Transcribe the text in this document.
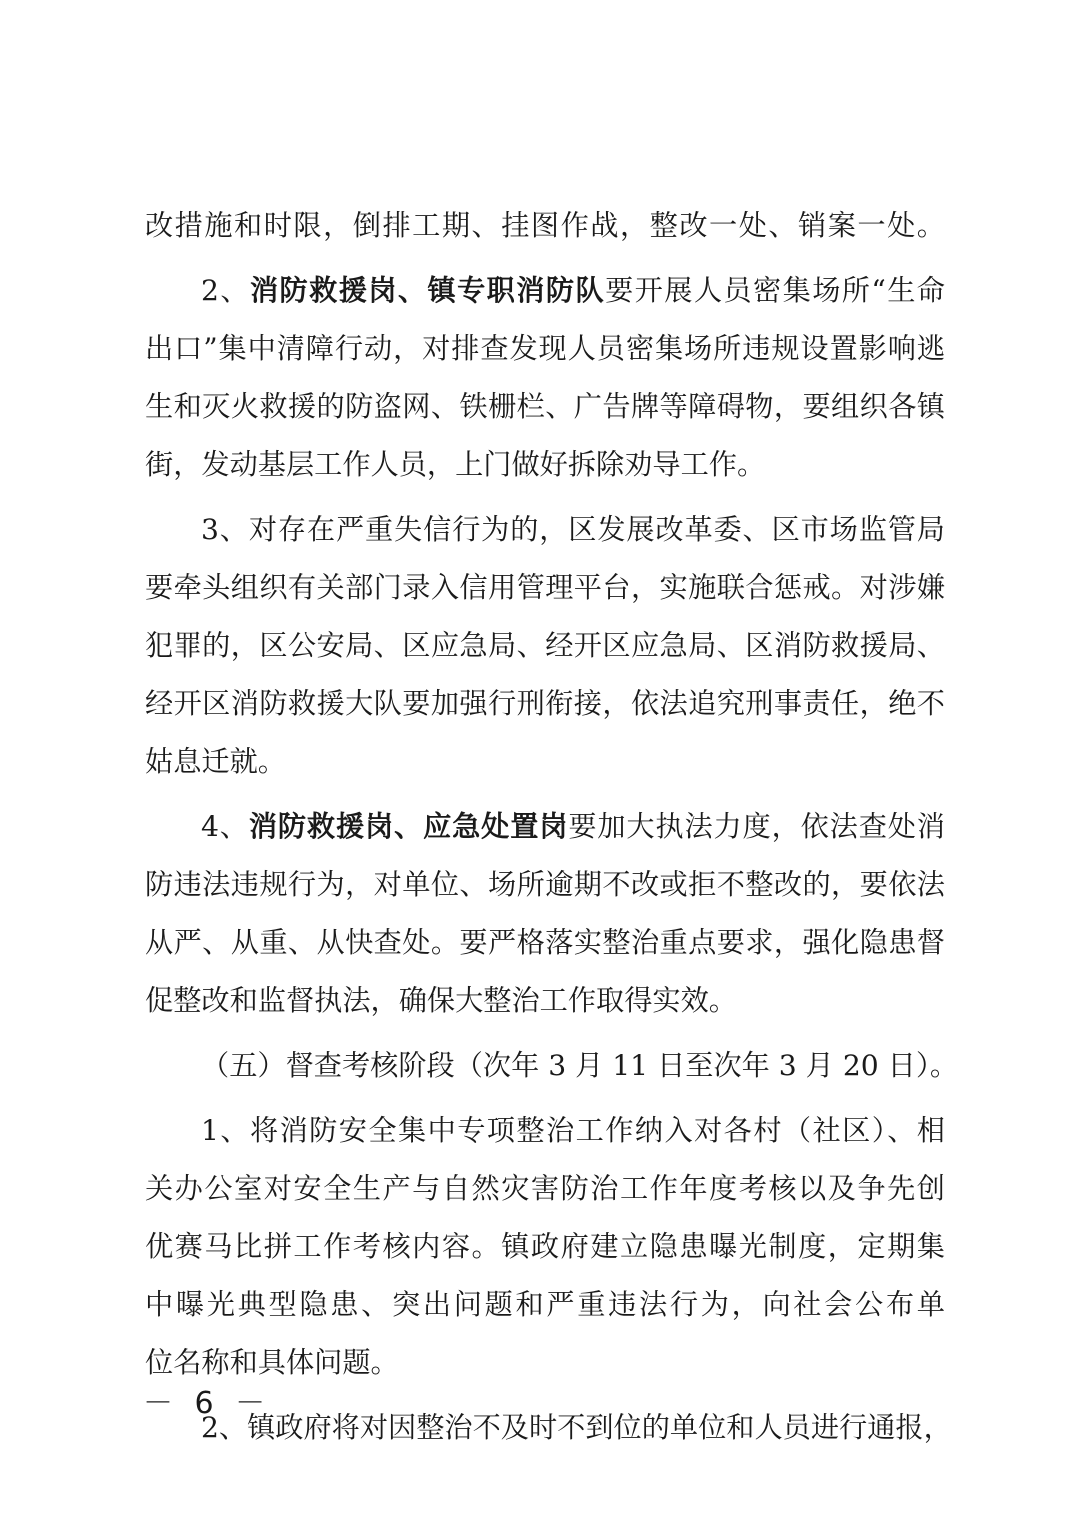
改措施和时限，倒排工期、挂图作战，整改一处、销案一处。
2、消防救援岗、镇专职消防队要开展人员密集场所“生命
出口”集中清障行动，对排查发现人员密集场所违规设置影响逃
生和灭火救援的防盗网、铁栅栏、广告牌等障碍物，要组织各镇
街，发动基层工作人员，上门做好拆除劝导工作。
3、对存在严重失信行为的，区发展改革委、区市场监管局
要牵头组织有关部门录入信用管理平台，实施联合惩戒。对涉嫌
犯罪的，区公安局、区应急局、经开区应急局、区消防救援局、
经开区消防救援大队要加强行刑衔接，依法追究刑事责任，绝不
姑息迁就。
4、消防救援岗、应急处置岗要加大执法力度，依法查处消
防违法违规行为，对单位、场所逾期不改或拒不整改的，要依法
从严、从重、从快查处。要严格落实整治重点要求，强化隐患督
促整改和监督执法，确保大整治工作取得实效。
（五）督查考核阶段（次年 3 月 11 日至次年 3 月 20 日）。
1、将消防安全集中专项整治工作纳入对各村（社区）、相
关办公室对安全生产与自然灾害防治工作年度考核以及争先创
优赛马比拼工作考核内容。镇政府建立隐患曝光制度，定期集
中曝光典型隐患、突出问题和严重违法行为，向社会公布单
位名称和具体问题。
2、镇政府将对因整治不及时不到位的单位和人员进行通报，
－ 6 －
